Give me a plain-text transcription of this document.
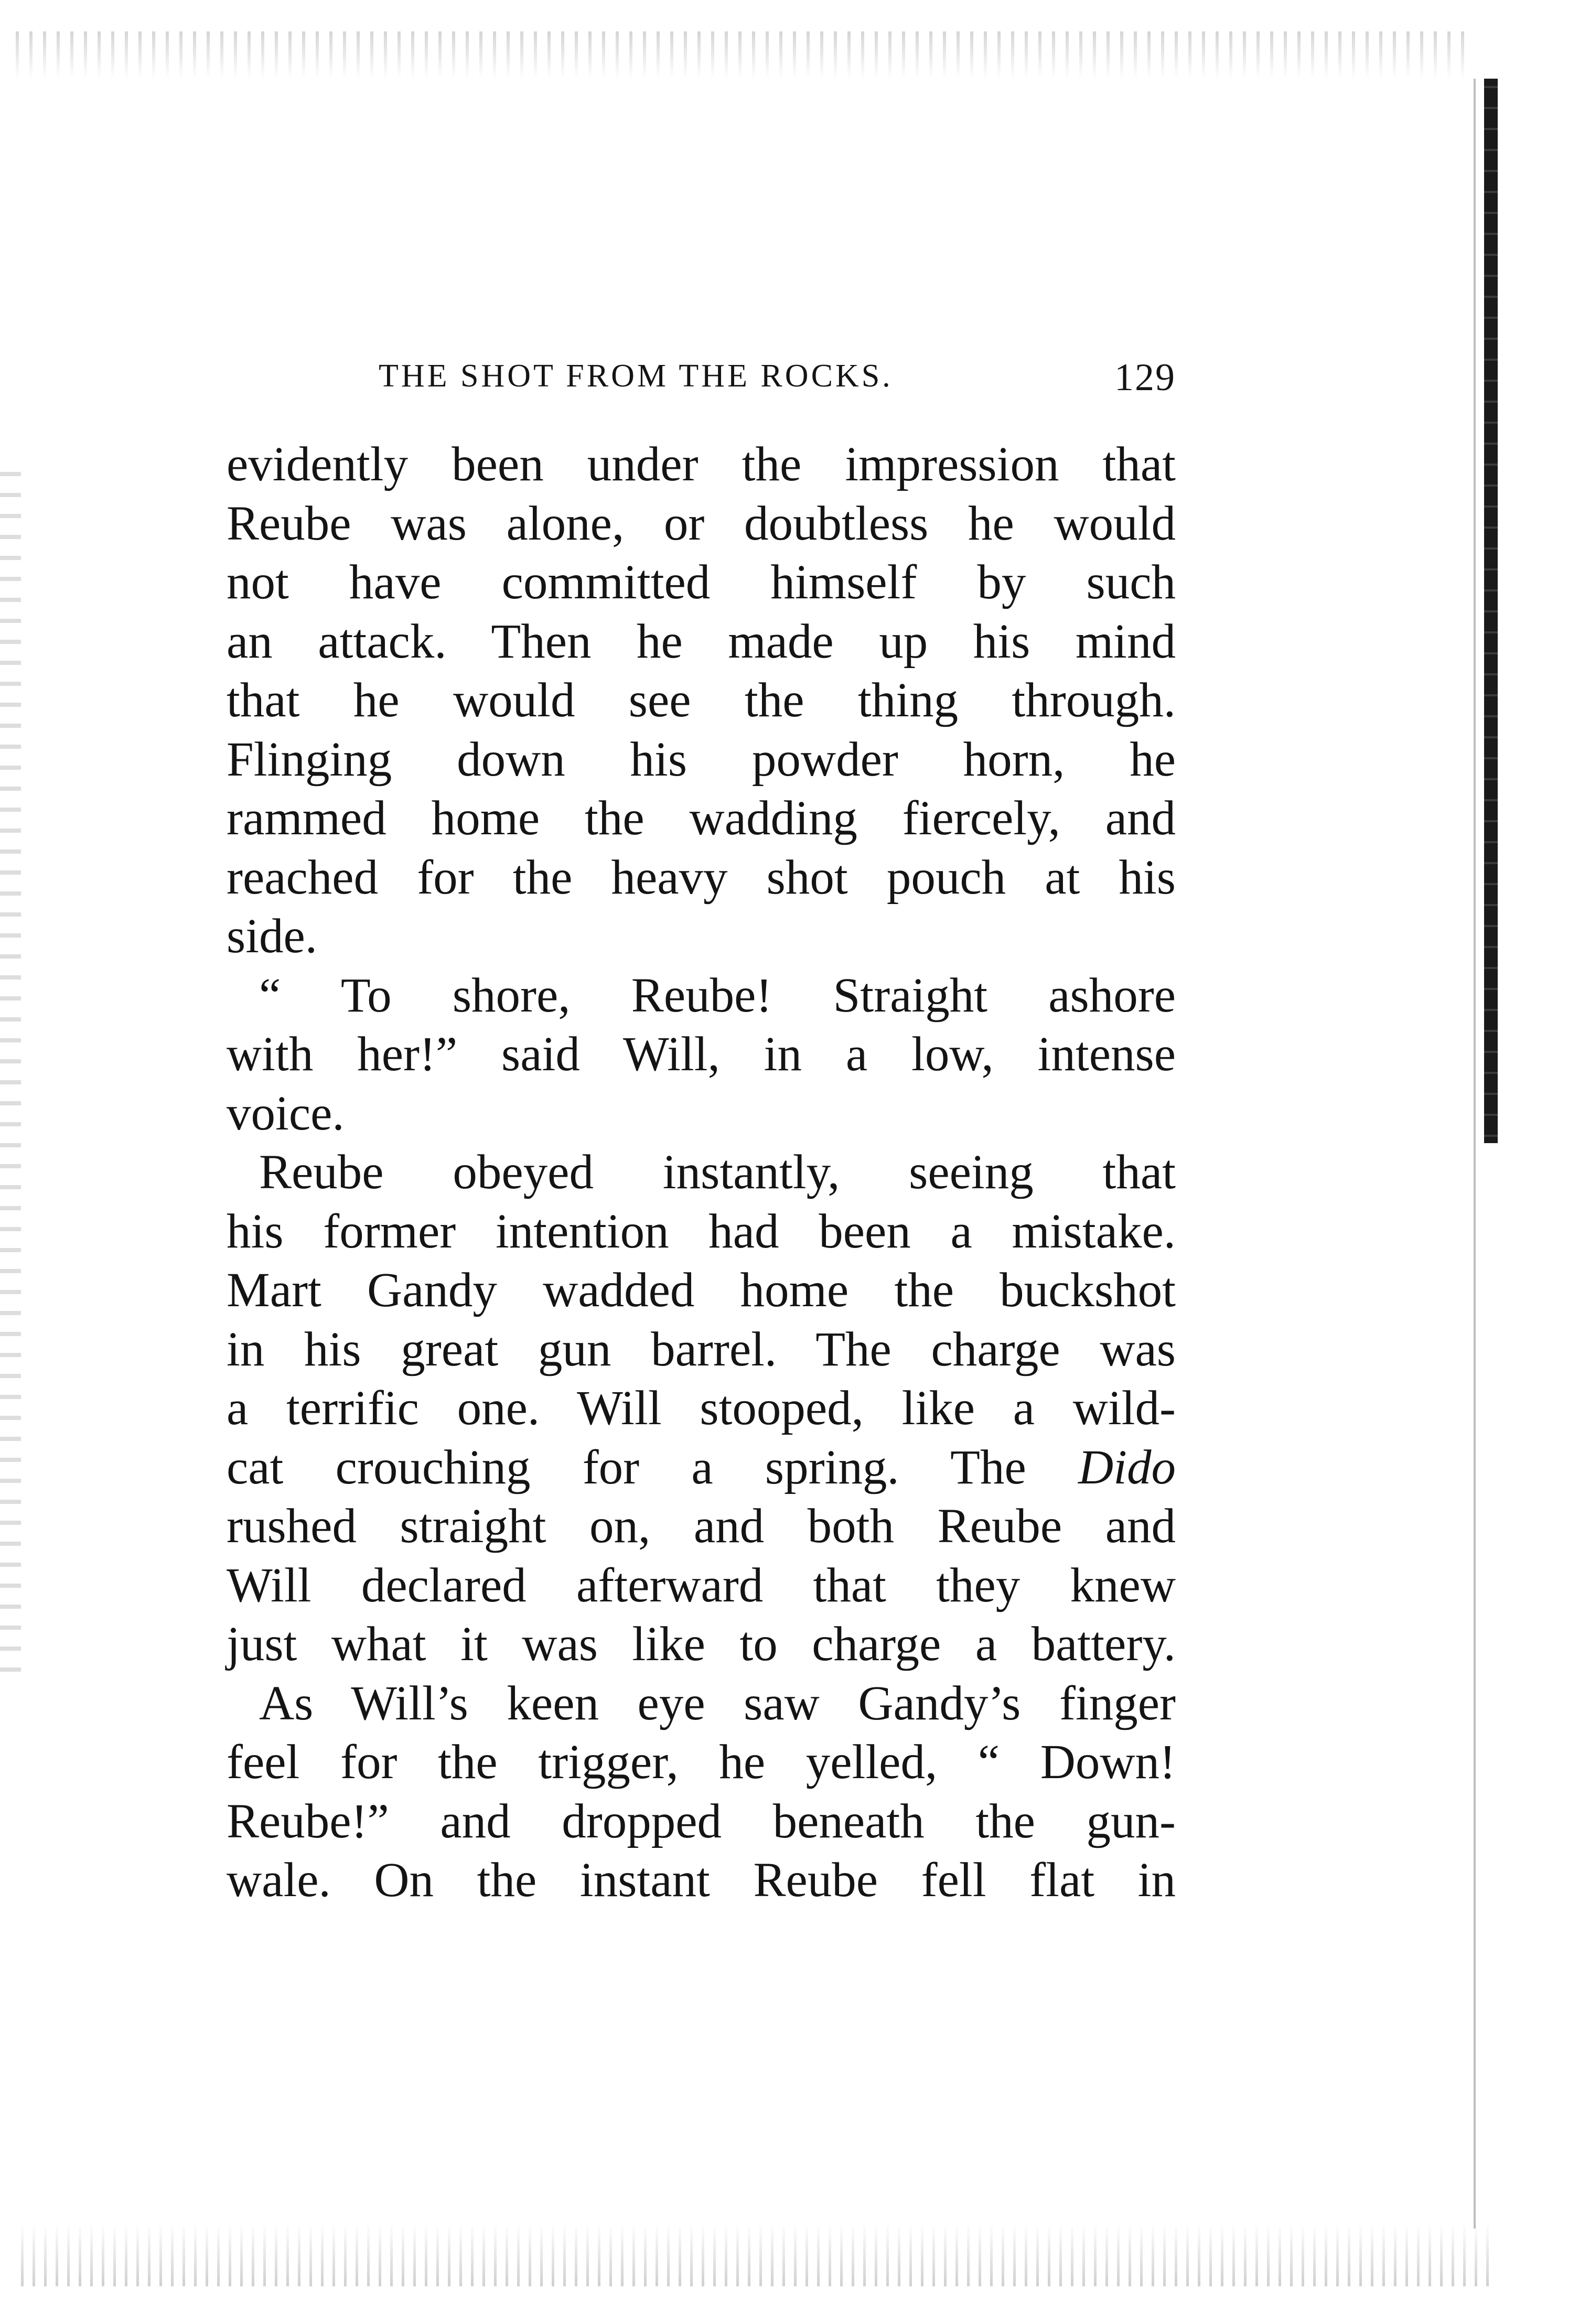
THE SHOT FROM THE ROCKS.	129
evidently been under the impression that
Reube was alone, or doubtless he would
not have committed himself by such
an attack. Then he made up his mind
that he would see the thing through.
Flinging down his powder horn, he
rammed home the wadding fiercely, and
reached for the heavy shot pouch at his
side.
“ To shore, Reube! Straight ashore
with her!” said Will, in a low, intense
voice.
Reube obeyed instantly, seeing that
his former intention had been a mistake.
Mart Gandy wadded home the buckshot
in his great gun barrel. The charge was
a terrific one. Will stooped, like a wild-
cat crouching for a spring. The Dido
rushed straight on, and both Reube and
Will declared afterward that they knew
just what it was like to charge a battery.
As Will’s keen eye saw Gandy’s finger
feel for the trigger, he yelled, “ Down!
Reube!” and dropped beneath the gun-
wale. On the instant Reube fell flat in
